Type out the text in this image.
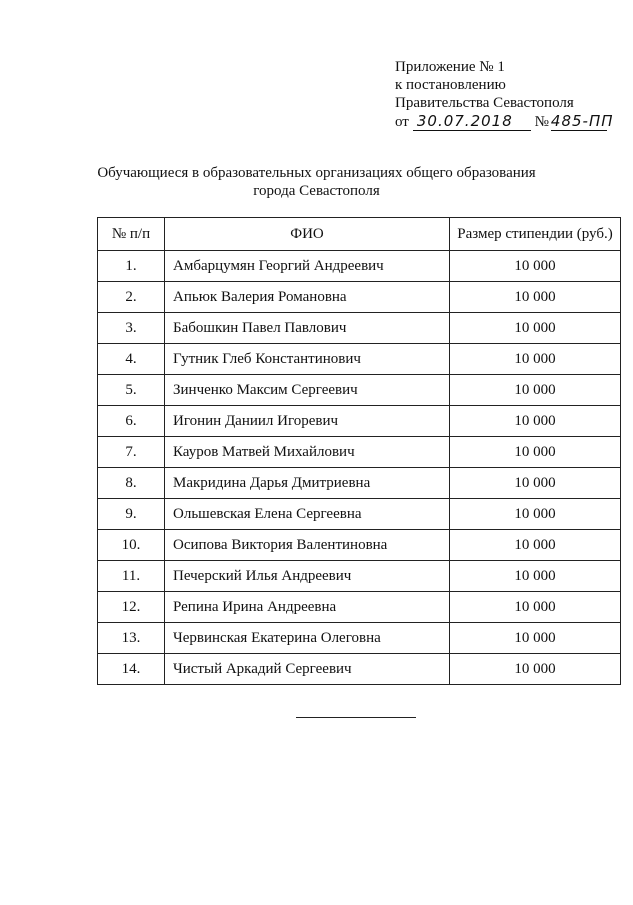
Приложение № 1
к постановлению
Правительства Севастополя
от 30.07.2018 № 485-ПП
Обучающиеся в образовательных организациях общего образования
города Севастополя
№ п/п	ФИО	Размер стипендии (руб.)
1.	Амбарцумян Георгий Андреевич	10 000
2.	Апьюк Валерия Романовна	10 000
3.	Бабошкин Павел Павлович	10 000
4.	Гутник Глеб Константинович	10 000
5.	Зинченко Максим Сергеевич	10 000
6.	Игонин Даниил Игоревич	10 000
7.	Кауров Матвей Михайлович	10 000
8.	Макридина Дарья Дмитриевна	10 000
9.	Ольшевская Елена Сергеевна	10 000
10.	Осипова Виктория Валентиновна	10 000
11.	Печерский Илья Андреевич	10 000
12.	Репина Ирина Андреевна	10 000
13.	Червинская Екатерина Олеговна	10 000
14.	Чистый Аркадий Сергеевич	10 000
